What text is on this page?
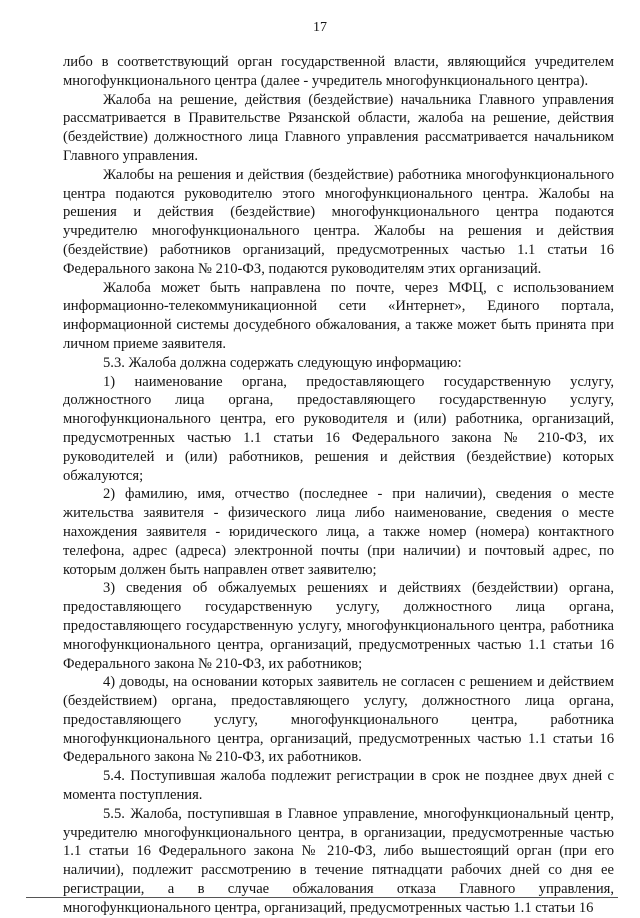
17

либо в соответствующий орган государственной власти, являющийся учредителем многофункционального центра (далее - учредитель многофункционального центра).

Жалоба на решение, действия (бездействие) начальника Главного управления рассматривается в Правительстве Рязанской области, жалоба на решение, действия (бездействие) должностного лица Главного управления рассматривается начальником Главного управления.

Жалобы на решения и действия (бездействие) работника многофункционального центра подаются руководителю этого многофункционального центра. Жалобы на решения и действия (бездействие) многофункционального центра подаются учредителю многофункционального центра. Жалобы на решения и действия (бездействие) работников организаций, предусмотренных частью 1.1 статьи 16 Федерального закона № 210-ФЗ, подаются руководителям этих организаций.

Жалоба может быть направлена по почте, через МФЦ, с использованием информационно-телекоммуникационной сети «Интернет», Единого портала, информационной системы досудебного обжалования, а также может быть принята при личном приеме заявителя.

5.3. Жалоба должна содержать следующую информацию:

1) наименование органа, предоставляющего государственную услугу, должностного лица органа, предоставляющего государственную услугу, многофункционального центра, его руководителя и (или) работника, организаций, предусмотренных частью 1.1 статьи 16 Федерального закона № 210-ФЗ, их руководителей и (или) работников, решения и действия (бездействие) которых обжалуются;

2) фамилию, имя, отчество (последнее - при наличии), сведения о месте жительства заявителя - физического лица либо наименование, сведения о месте нахождения заявителя - юридического лица, а также номер (номера) контактного телефона, адрес (адреса) электронной почты (при наличии) и почтовый адрес, по которым должен быть направлен ответ заявителю;

3) сведения об обжалуемых решениях и действиях (бездействии) органа, предоставляющего государственную услугу, должностного лица органа, предоставляющего государственную услугу, многофункционального центра, работника многофункционального центра, организаций, предусмотренных частью 1.1 статьи 16 Федерального закона № 210-ФЗ, их работников;

4) доводы, на основании которых заявитель не согласен с решением и действием (бездействием) органа, предоставляющего услугу, должностного лица органа, предоставляющего услугу, многофункционального центра, работника многофункционального центра, организаций, предусмотренных частью 1.1 статьи 16 Федерального закона № 210-ФЗ, их работников.

5.4. Поступившая жалоба подлежит регистрации в срок не позднее двух дней с момента поступления.

5.5. Жалоба, поступившая в Главное управление, многофункциональный центр, учредителю многофункционального центра, в организации, предусмотренные частью 1.1 статьи 16 Федерального закона № 210-ФЗ, либо вышестоящий орган (при его наличии), подлежит рассмотрению в течение пятнадцати рабочих дней со дня ее регистрации, а в случае обжалования отказа Главного управления, многофункционального центра, организаций, предусмотренных частью 1.1 статьи 16
